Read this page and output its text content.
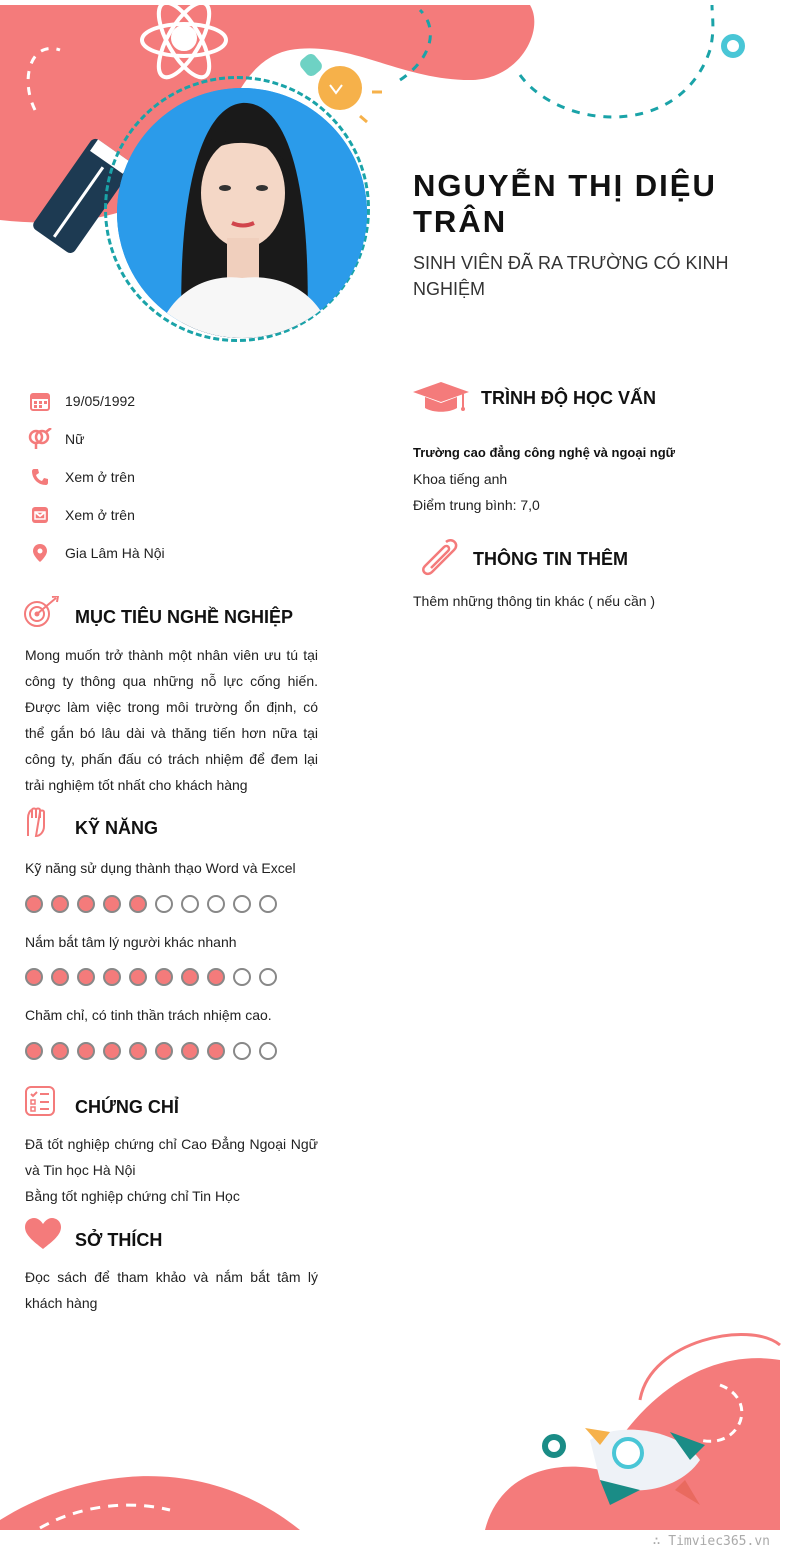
NGUYỄN THỊ DIỆU TRÂN
SINH VIÊN ĐÃ RA TRƯỜNG CÓ KINH NGHIỆM
19/05/1992
Nữ
Xem ở trên
Xem ở trên
Gia Lâm Hà Nội
MỤC TIÊU NGHỀ NGHIỆP
Mong muốn trở thành một nhân viên ưu tú tại công ty thông qua những nỗ lực cống hiến. Được làm việc trong môi trường ổn định, có thể gắn bó lâu dài và thăng tiến hơn nữa tại công ty, phấn đấu có trách nhiệm để đem lại trải nghiệm tốt nhất cho khách hàng
KỸ NĂNG
Kỹ năng sử dụng thành thạo Word và Excel
Nắm bắt tâm lý người khác nhanh
Chăm chỉ, có tinh thần trách nhiệm cao.
CHỨNG CHỈ
Đã tốt nghiệp chứng chỉ Cao Đẳng Ngoại Ngữ và Tin học Hà Nội
Bằng tốt nghiệp chứng chỉ Tin Học
SỞ THÍCH
Đọc sách để tham khảo và nắm bắt tâm lý khách hàng
TRÌNH ĐỘ HỌC VẤN
Trường cao đẳng công nghệ và ngoại ngữ
Khoa tiếng anh
Điểm trung bình: 7,0
THÔNG TIN THÊM
Thêm những thông tin khác ( nếu cần )
∴ Timviec365.vn
